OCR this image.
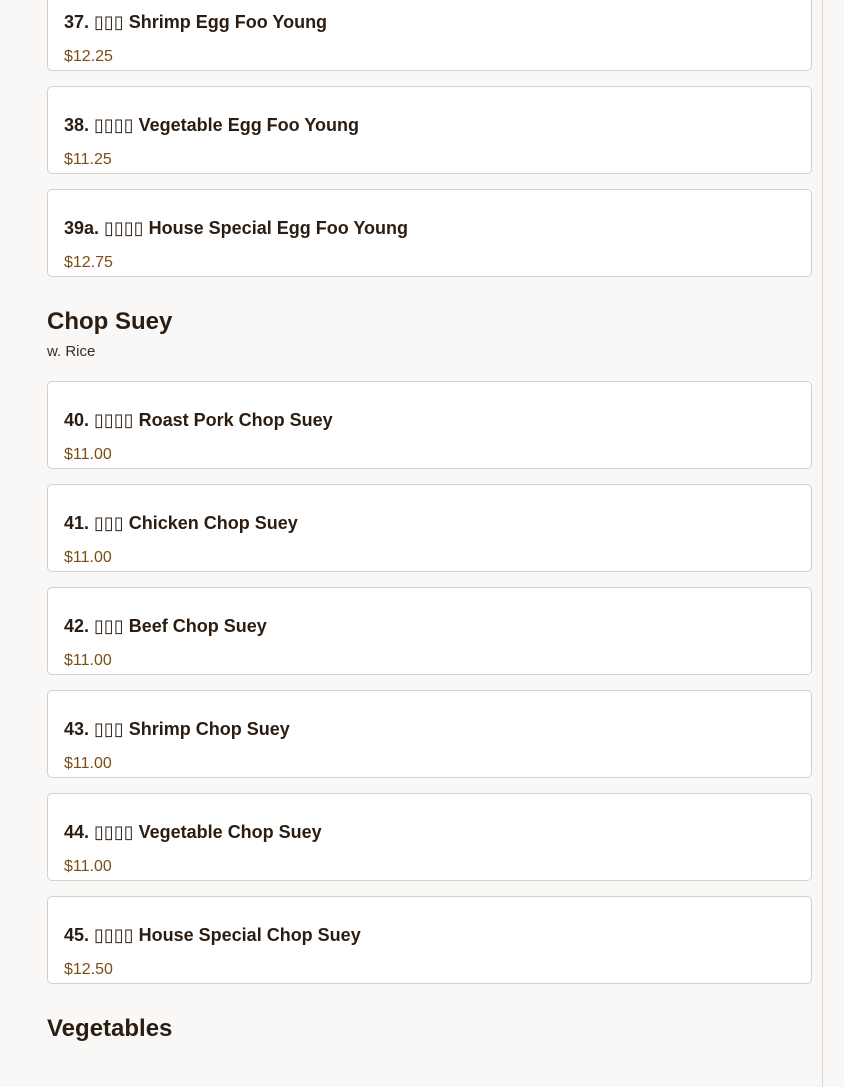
37. ▯▯▯ Shrimp Egg Foo Young
$12.25
38. ▯▯▯▯ Vegetable Egg Foo Young
$11.25
39a. ▯▯▯▯ House Special Egg Foo Young
$12.75
Chop Suey
w. Rice
40. ▯▯▯▯ Roast Pork Chop Suey
$11.00
41. ▯▯▯ Chicken Chop Suey
$11.00
42. ▯▯▯ Beef Chop Suey
$11.00
43. ▯▯▯ Shrimp Chop Suey
$11.00
44. ▯▯▯▯ Vegetable Chop Suey
$11.00
45. ▯▯▯▯ House Special Chop Suey
$12.50
Vegetables
